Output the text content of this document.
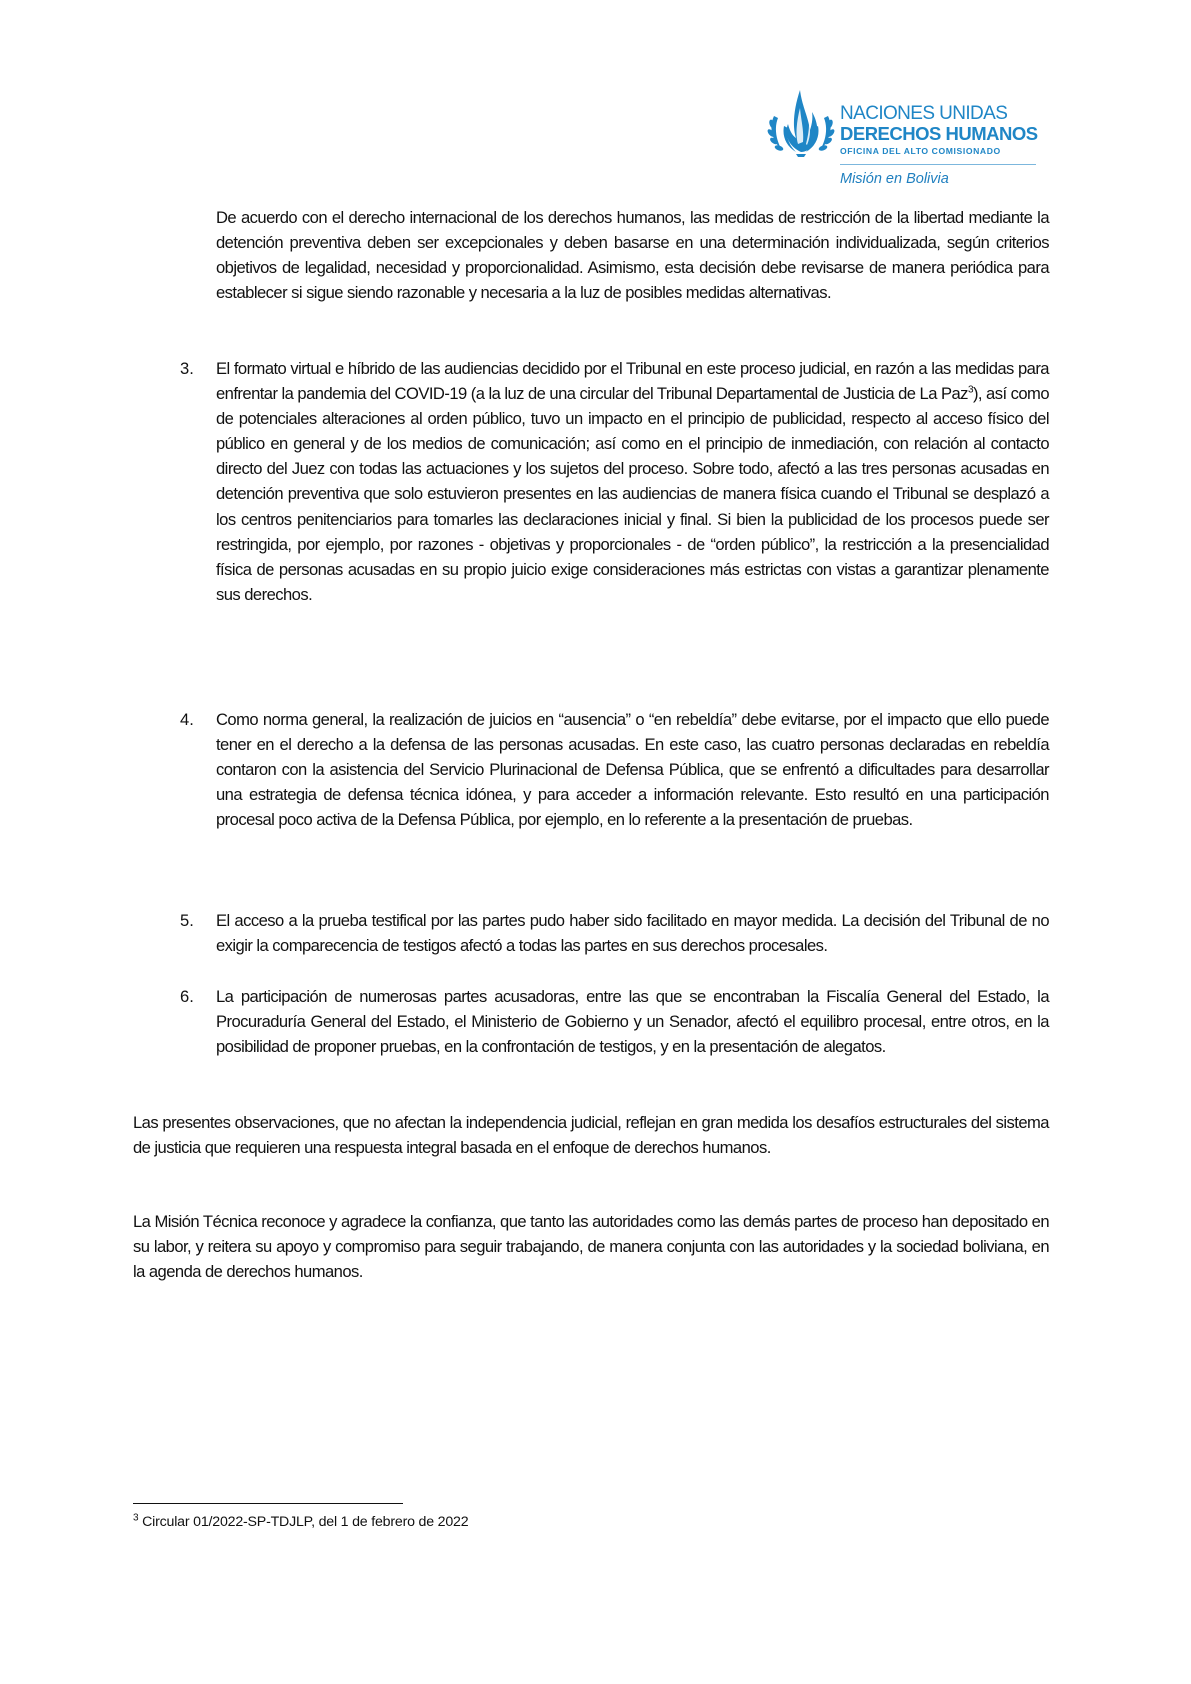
NACIONES UNIDAS
DERECHOS HUMANOS
OFICINA DEL ALTO COMISIONADO
Misión en Bolivia
De acuerdo con el derecho internacional de los derechos humanos, las medidas de restricción de la libertad mediante la detención preventiva deben ser excepcionales y deben basarse en una determinación individualizada, según criterios objetivos de legalidad, necesidad y proporcionalidad. Asimismo, esta decisión debe revisarse de manera periódica para establecer si sigue siendo razonable y necesaria a la luz de posibles medidas alternativas.
3. El formato virtual e híbrido de las audiencias decidido por el Tribunal en este proceso judicial, en razón a las medidas para enfrentar la pandemia del COVID-19 (a la luz de una circular del Tribunal Departamental de Justicia de La Paz$^3$), así como de potenciales alteraciones al orden público, tuvo un impacto en el principio de publicidad, respecto al acceso físico del público en general y de los medios de comunicación; así como en el principio de inmediación, con relación al contacto directo del Juez con todas las actuaciones y los sujetos del proceso. Sobre todo, afectó a las tres personas acusadas en detención preventiva que solo estuvieron presentes en las audiencias de manera física cuando el Tribunal se desplazó a los centros penitenciarios para tomarles las declaraciones inicial y final. Si bien la publicidad de los procesos puede ser restringida, por ejemplo, por razones - objetivas y proporcionales - de “orden público”, la restricción a la presencialidad física de personas acusadas en su propio juicio exige consideraciones más estrictas con vistas a garantizar plenamente sus derechos.
4. Como norma general, la realización de juicios en “ausencia” o “en rebeldía” debe evitarse, por el impacto que ello puede tener en el derecho a la defensa de las personas acusadas. En este caso, las cuatro personas declaradas en rebeldía contaron con la asistencia del Servicio Plurinacional de Defensa Pública, que se enfrentó a dificultades para desarrollar una estrategia de defensa técnica idónea, y para acceder a información relevante. Esto resultó en una participación procesal poco activa de la Defensa Pública, por ejemplo, en lo referente a la presentación de pruebas.
5. El acceso a la prueba testifical por las partes pudo haber sido facilitado en mayor medida. La decisión del Tribunal de no exigir la comparecencia de testigos afectó a todas las partes en sus derechos procesales.
6. La participación de numerosas partes acusadoras, entre las que se encontraban la Fiscalía General del Estado, la Procuraduría General del Estado, el Ministerio de Gobierno y un Senador, afectó el equilibro procesal, entre otros, en la posibilidad de proponer pruebas, en la confrontación de testigos, y en la presentación de alegatos.
Las presentes observaciones, que no afectan la independencia judicial, reflejan en gran medida los desafíos estructurales del sistema de justicia que requieren una respuesta integral basada en el enfoque de derechos humanos.
La Misión Técnica reconoce y agradece la confianza, que tanto las autoridades como las demás partes de proceso han depositado en su labor, y reitera su apoyo y compromiso para seguir trabajando, de manera conjunta con las autoridades y la sociedad boliviana, en la agenda de derechos humanos.
$^3$ Circular 01/2022-SP-TDJLP, del 1 de febrero de 2022
